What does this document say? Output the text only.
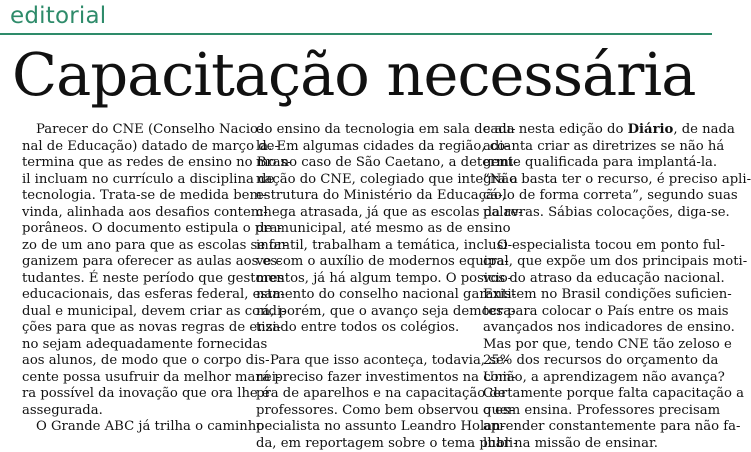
editorial
Capacitação necessária

Parecer do CNE (Conselho Nacio-

nal de Educação) datado de março de-

termina que as redes de ensino no Bras-

il incluam no currículo a disciplina de

tecnologia. Trata-se de medida bem-

vinda, alinhada aos desafios contem-

porâneos. O documento estipula o pra-

zo de um ano para que as escolas se or-

ganizem para oferecer as aulas aos es-

tudantes. É neste período que gestores

educacionais, das esferas federal, esta-

dual e municipal, devem criar as condi-

ções para que as novas regras de ensi-

no sejam adequadamente fornecidas

aos alunos, de modo que o corpo dis-

cente possa usufruir da melhor manei-

ra possível da inovação que ora lhe é

assegurada.

O Grande ABC já trilha o caminho

do ensino da tecnologia em sala de au-

la. Em algumas cidades da região, co-

mo no caso de São Caetano, a determi-

nação do CNE, colegiado que integra a

estrutura do Ministério da Educação,

chega atrasada, já que as escolas da re-

de municipal, até mesmo as de ensino

infantil, trabalham a temática, inclusi-

ve com o auxílio de modernos equipa-

mentos, já há algum tempo. O posicio-

namento do conselho nacional garanti-

rá, porém, que o avanço seja democra-

tizado entre todos os colégios.

Para que isso aconteça, todavia, se-

rá preciso fazer investimentos na com-

pra de aparelhos e na capacitação de

professores. Como bem observou o es-

pecialista no assunto Leandro Holan-

da, em reportagem sobre o tema publi-

cada nesta edição do Diário, de nada

adianta criar as diretrizes se não há

gente qualificada para implantá-la.

“Não basta ter o recurso, é preciso apli-

cá-lo de forma correta”, segundo suas

palavras. Sábias colocações, diga-se.

O especialista tocou em ponto ful-

cral, que expõe um dos principais moti-

vos do atraso da educação nacional.

Existem no Brasil condições suficien-

tes para colocar o País entre os mais

avançados nos indicadores de ensino.

Mas por que, tendo CNE tão zeloso e

25% dos recursos do orçamento da

União, a aprendizagem não avança?

Certamente porque falta capacitação a

quem ensina. Professores precisam

aprender constantemente para não fa-

lhar na missão de ensinar.
